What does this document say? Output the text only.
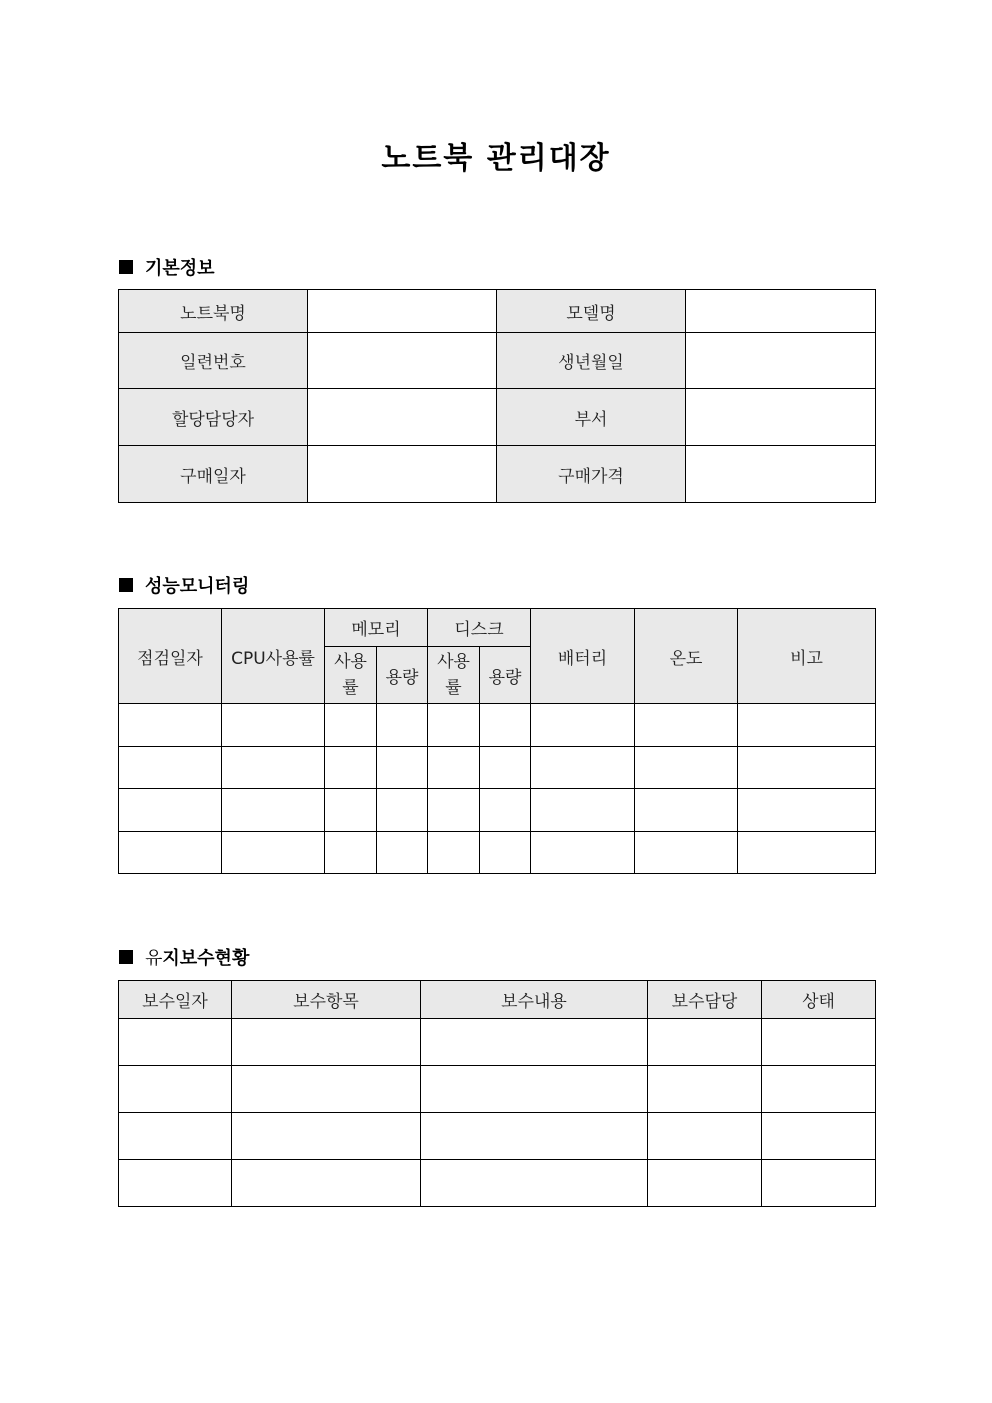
노트북 관리대장
기본정보
노트북명		모델명	
일련번호		생년월일	
할당담당자		부서	
구매일자		구매가격	
성능모니터링
점검일자	CPU사용률	메모리		디스크		배터리	온도	비고

		사용률	용량	사용률	용량			

유 지보수현황
보수일자	보수항목	보수내용	보수담당	상태
